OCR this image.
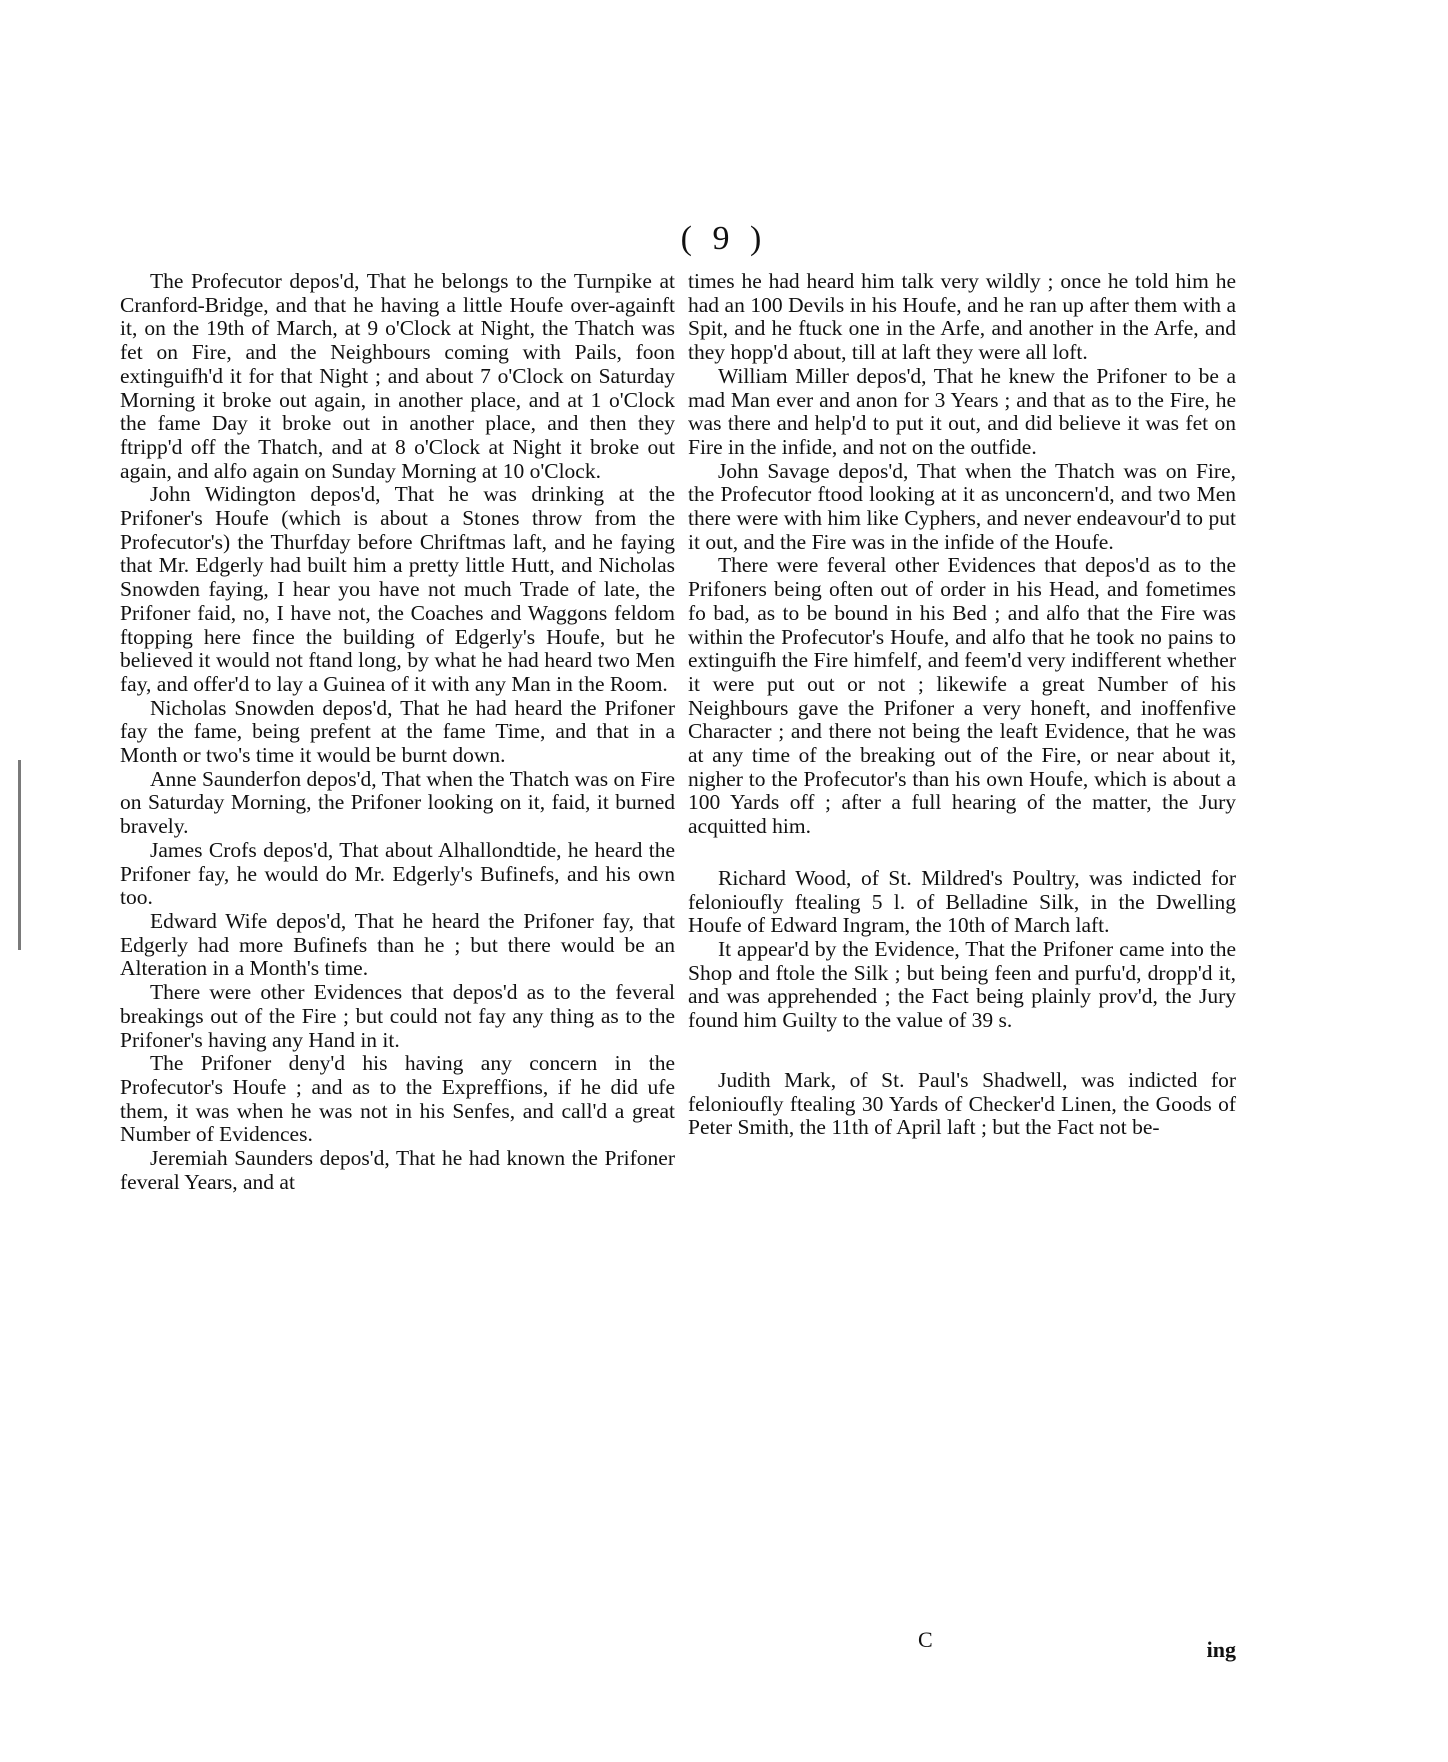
( 9 )

The Profecutor depos'd, That he belongs to the Turnpike at Cranford-Bridge, and that he having a little Houfe over-againft it, on the 19th of March, at 9 o'Clock at Night, the Thatch was fet on Fire, and the Neighbours coming with Pails, foon extinguifh'd it for that Night ; and about 7 o'Clock on Saturday Morning it broke out again, in another place, and at 1 o'Clock the fame Day it broke out in another place, and then they ftripp'd off the Thatch, and at 8 o'Clock at Night it broke out again, and alfo again on Sunday Morning at 10 o'Clock.

John Widington depos'd, That he was drinking at the Prifoner's Houfe (which is about a Stones throw from the Profecutor's) the Thurfday before Chriftmas laft, and he faying that Mr. Edgerly had built him a pretty little Hutt, and Nicholas Snowden faying, I hear you have not much Trade of late, the Prifoner faid, no, I have not, the Coaches and Waggons feldom ftopping here fince the building of Edgerly's Houfe, but he believed it would not ftand long, by what he had heard two Men fay, and offer'd to lay a Guinea of it with any Man in the Room.

Nicholas Snowden depos'd, That he had heard the Prifoner fay the fame, being prefent at the fame Time, and that in a Month or two's time it would be burnt down.

Anne Saunderfon depos'd, That when the Thatch was on Fire on Saturday Morning, the Prifoner looking on it, faid, it burned bravely.

James Crofs depos'd, That about Alhallondtide, he heard the Prifoner fay, he would do Mr. Edgerly's Bufinefs, and his own too.

Edward Wife depos'd, That he heard the Prifoner fay, that Edgerly had more Bufinefs than he ; but there would be an Alteration in a Month's time.

There were other Evidences that depos'd as to the feveral breakings out of the Fire ; but could not fay any thing as to the Prifoner's having any Hand in it.

The Prifoner deny'd his having any concern in the Profecutor's Houfe ; and as to the Expreffions, if he did ufe them, it was when he was not in his Senfes, and call'd a great Number of Evidences.

Jeremiah Saunders depos'd, That he had known the Prifoner feveral Years, and at

times he had heard him talk very wildly ; once he told him he had an 100 Devils in his Houfe, and he ran up after them with a Spit, and he ftuck one in the Arfe, and another in the Arfe, and they hopp'd about, till at laft they were all loft.

William Miller depos'd, That he knew the Prifoner to be a mad Man ever and anon for 3 Years ; and that as to the Fire, he was there and help'd to put it out, and did believe it was fet on Fire in the infide, and not on the outfide.

John Savage depos'd, That when the Thatch was on Fire, the Profecutor ftood looking at it as unconcern'd, and two Men there were with him like Cyphers, and never endeavour'd to put it out, and the Fire was in the infide of the Houfe.

There were feveral other Evidences that depos'd as to the Prifoners being often out of order in his Head, and fometimes fo bad, as to be bound in his Bed ; and alfo that the Fire was within the Profecutor's Houfe, and alfo that he took no pains to extinguifh the Fire himfelf, and feem'd very indifferent whether it were put out or not ; likewife a great Number of his Neighbours gave the Prifoner a very honeft, and inoffenfive Character ; and there not being the leaft Evidence, that he was at any time of the breaking out of the Fire, or near about it, nigher to the Profecutor's than his own Houfe, which is about a 100 Yards off ; after a full hearing of the matter, the Jury acquitted him.

Richard Wood, of St. Mildred's Poultry, was indicted for felonioufly ftealing 5 l. of Belladine Silk, in the Dwelling Houfe of Edward Ingram, the 10th of March laft.

It appear'd by the Evidence, That the Prifoner came into the Shop and ftole the Silk ; but being feen and purfu'd, dropp'd it, and was apprehended ; the Fact being plainly prov'd, the Jury found him Guilty to the value of 39 s.

Judith Mark, of St. Paul's Shadwell, was indicted for felonioufly ftealing 30 Yards of Checker'd Linen, the Goods of Peter Smith, the 11th of April laft ; but the Fact not be-

C	ing
